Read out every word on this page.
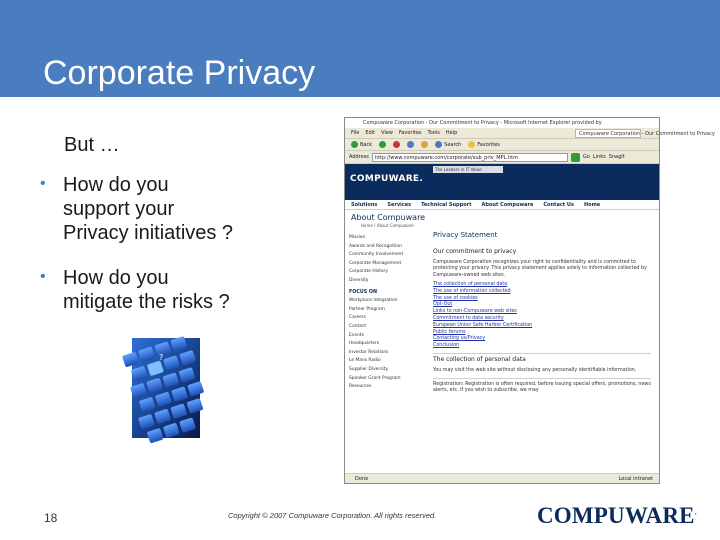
Corporate Privacy
But …
• How do you
support your
Privacy initiatives ?
• How do you
mitigate the risks ?
?
Compuware Corporation - Our Commitment to Privacy - Microsoft Internet Explorer provided by
File Edit View Favorites Tools Help	Compuware Corporation - Our Commitment to Privacy
Back	Search	Favorites
Address	http://www.compuware.com/corporate/sub_priv_MPL.htm	Go Links SnagIt
The Leaders in IT Value
COMPUWARE.
Solutions Services Technical Support About Compuware Contact Us Home
About Compuware
Home / About Compuware
Mission
Awards and Recognition
Community Involvement
Corporate Management
Corporate History
Diversity
FOCUS ON
Workplace Integration
Partner Program
Careers
Contact
Events
Headquarters
Investor Relations
Le Mans Radio
Supplier Diversity
Speaker Grant Program
Resources
Privacy Statement
Our commitment to privacy
Compuware Corporation recognizes your right to confidentiality and is committed to protecting your privacy. This privacy statement applies solely to information collected by Compuware-owned web sites.
The collection of personal data
The use of information collected
The use of cookies
Opt-Out
Links to non-Compuware web sites
Commitment to data security
European Union Safe Harbor Certification
Public forums
Contacting us/Privacy
Conclusion
The collection of personal data
You may visit the web site without disclosing any personally identifiable information.
Registration: Registration is often required, before issuing special offers, promotions, news alerts, etc. If you wish to subscribe, we may
Done	Local intranet
18	Copyright © 2007 Compuware Corporation. All rights reserved.	COMPUWARE.
